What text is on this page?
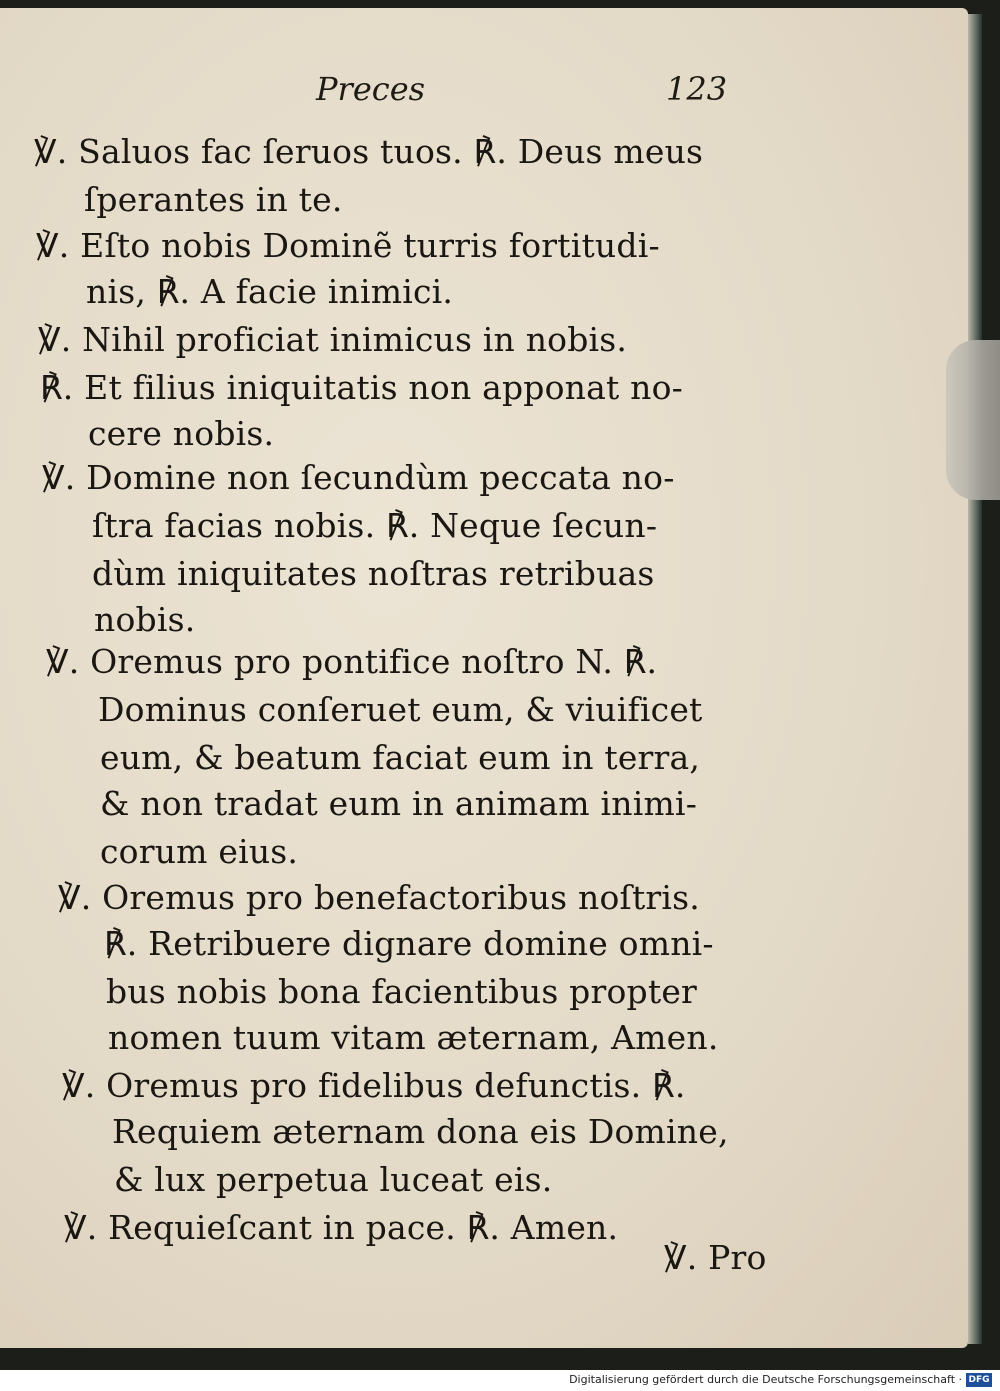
Preces	123
℣. Saluos fac ſeruos tuos. ℟. Deus meus
ſperantes in te.
℣. Eſto nobis Dominẽ turris fortitudi-
nis, ℟. A facie inimici.
℣. Nihil proficiat inimicus in nobis.
℟. Et filius iniquitatis non apponat no-
cere nobis.
℣. Domine non ſecundùm peccata no-
ſtra facias nobis. ℟. Neque ſecun-
dùm iniquitates noſtras retribuas
nobis.
℣. Oremus pro pontifice noſtro N. ℟.
Dominus conſeruet eum, & viuificet
eum, & beatum faciat eum in terra,
& non tradat eum in animam inimi-
corum eius.
℣. Oremus pro benefactoribus noſtris.
℟. Retribuere dignare domine omni-
bus nobis bona facientibus propter
nomen tuum vitam æternam, Amen.
℣. Oremus pro fidelibus defunctis. ℟.
Requiem æternam dona eis Domine,
& lux perpetua luceat eis.
℣. Requieſcant in pace. ℟. Amen.
℣. Pro
Digitalisierung gefördert durch die Deutsche Forschungsgemeinschaft · DFG
